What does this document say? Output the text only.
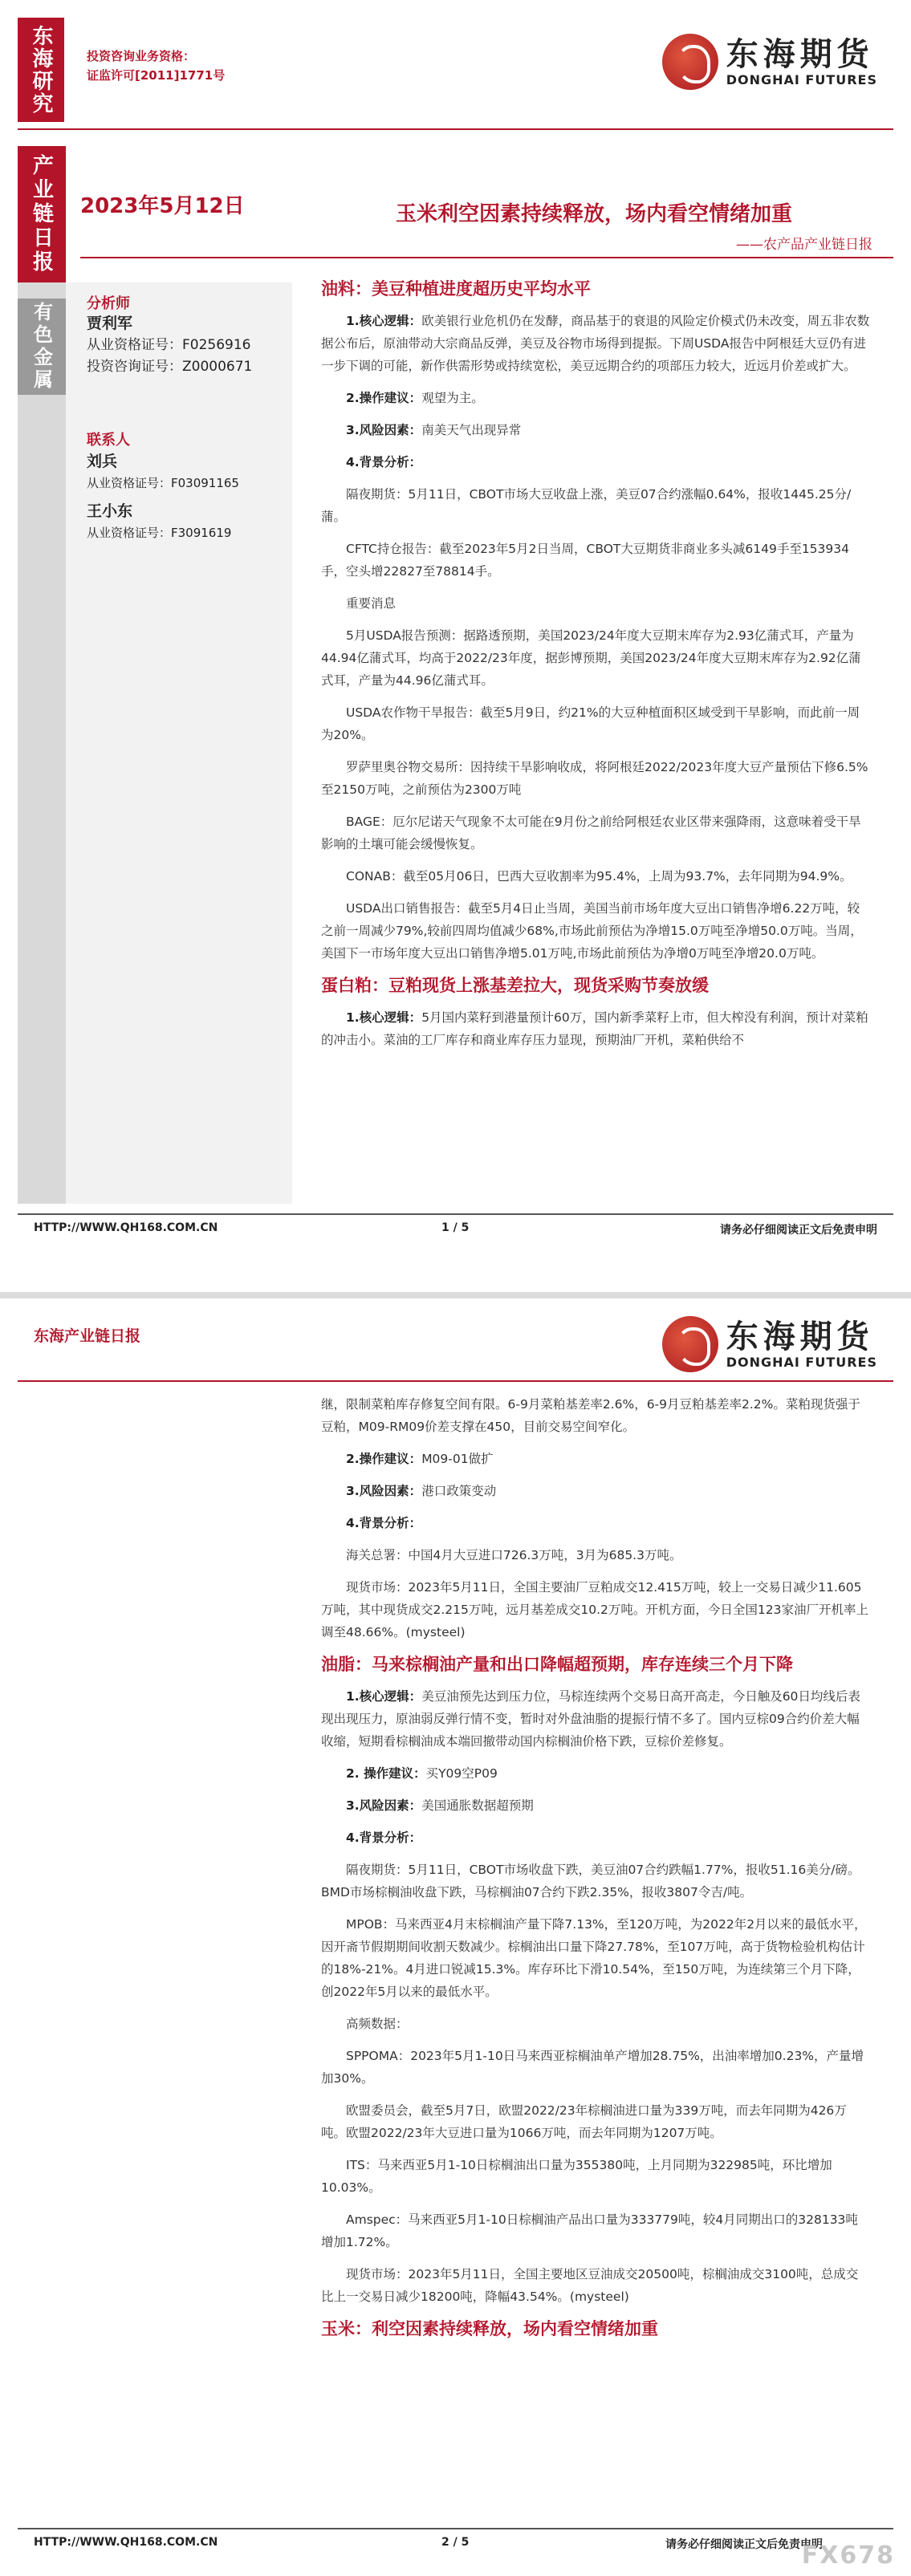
东海研究	投资咨询业务资格：
证监许可[2011]1771号
东海期货
DONGHAI FUTURES
产业链日报
有色金属
2023年5月12日	玉米利空因素持续释放，场内看空情绪加重
——农产品产业链日报
分析师
贾利军
从业资格证号：F0256916
投资咨询证号：Z0000671
联系人
刘兵
从业资格证号：F03091165
王小东
从业资格证号：F3091619
油料：美豆种植进度超历史平均水平

1.核心逻辑：欧美银行业危机仍在发酵，商品基于的衰退的风险定价模式仍未改变，周五非农数据公布后，原油带动大宗商品反弹，美豆及谷物市场得到提振。下周USDA报告中阿根廷大豆仍有进一步下调的可能，新作供需形势或持续宽松，美豆远期合约的项部压力较大，近远月价差或扩大。

2.操作建议：观望为主。

3.风险因素：南美天气出现异常

4.背景分析：

隔夜期货：5月11日，CBOT市场大豆收盘上涨，美豆07合约涨幅0.64%，报收1445.25分/蒲。

CFTC持仓报告：截至2023年5月2日当周，CBOT大豆期货非商业多头减6149手至153934手，空头增22827至78814手。

重要消息

5月USDA报告预测：据路透预期，美国2023/24年度大豆期末库存为2.93亿蒲式耳，产量为44.94亿蒲式耳，均高于2022/23年度，据彭博预期，美国2023/24年度大豆期末库存为2.92亿蒲式耳，产量为44.96亿蒲式耳。

USDA农作物干旱报告：截至5月9日，约21%的大豆种植面积区域受到干旱影响，而此前一周为20%。

罗萨里奥谷物交易所：因持续干旱影响收成，将阿根廷2022/2023年度大豆产量预估下修6.5%至2150万吨，之前预估为2300万吨

BAGE：厄尔尼诺天气现象不太可能在9月份之前给阿根廷农业区带来强降雨，这意味着受干旱影响的土壤可能会缓慢恢复。

CONAB：截至05月06日，巴西大豆收割率为95.4%，上周为93.7%，去年同期为94.9%。

USDA出口销售报告：截至5月4日止当周，美国当前市场年度大豆出口销售净增6.22万吨，较之前一周减少79%,较前四周均值减少68%,市场此前预估为净增15.0万吨至净增50.0万吨。当周，美国下一市场年度大豆出口销售净增5.01万吨,市场此前预估为净增0万吨至净增20.0万吨。

蛋白粕：豆粕现货上涨基差拉大，现货采购节奏放缓

1.核心逻辑：5月国内菜籽到港量预计60万，国内新季菜籽上市，但大榨没有利润，预计对菜粕的冲击小。菜油的工厂库存和商业库存压力显现，预期油厂开机，菜粕供给不

HTTP://WWW.QH168.COM.CN	1 / 5	请务必仔细阅读正文后免责申明
东海产业链日报	东海期货
DONGHAI FUTURES

继，限制菜粕库存修复空间有限。6-9月菜粕基差率2.6%，6-9月豆粕基差率2.2%。菜粕现货强于豆粕，M09-RM09价差支撑在450，目前交易空间窄化。

2.操作建议：M09-01做扩

3.风险因素：港口政策变动

4.背景分析：

海关总署：中国4月大豆进口726.3万吨，3月为685.3万吨。

现货市场：2023年5月11日，全国主要油厂豆粕成交12.415万吨，较上一交易日减少11.605万吨，其中现货成交2.215万吨，远月基差成交10.2万吨。开机方面，今日全国123家油厂开机率上调至48.66%。(mysteel)

油脂：马来棕榈油产量和出口降幅超预期，库存连续三个月下降

1.核心逻辑：美豆油预先达到压力位，马棕连续两个交易日高开高走，今日触及60日均线后表现出现压力，原油弱反弹行情不变，暂时对外盘油脂的提振行情不多了。国内豆棕09合约价差大幅收缩，短期看棕榈油成本端回撤带动国内棕榈油价格下跌，豆棕价差修复。

2. 操作建议：买Y09空P09

3.风险因素：美国通胀数据超预期

4.背景分析：

隔夜期货：5月11日，CBOT市场收盘下跌，美豆油07合约跌幅1.77%，报收51.16美分/磅。BMD市场棕榈油收盘下跌，马棕榈油07合约下跌2.35%，报收3807令吉/吨。

MPOB：马来西亚4月末棕榈油产量下降7.13%，至120万吨，为2022年2月以来的最低水平，因开斋节假期期间收割天数减少。棕榈油出口量下降27.78%，至107万吨，高于货物检验机构估计的18%-21%。4月进口锐减15.3%。库存环比下滑10.54%，至150万吨，为连续第三个月下降，创2022年5月以来的最低水平。

高频数据：

SPPOMA：2023年5月1-10日马来西亚棕榈油单产增加28.75%，出油率增加0.23%，产量增加30%。

欧盟委员会，截至5月7日，欧盟2022/23年棕榈油进口量为339万吨，而去年同期为426万吨。欧盟2022/23年大豆进口量为1066万吨，而去年同期为1207万吨。

ITS：马来西亚5月1-10日棕榈油出口量为355380吨，上月同期为322985吨，环比增加10.03%。

Amspec：马来西亚5月1-10日棕榈油产品出口量为333779吨，较4月同期出口的328133吨增加1.72%。

现货市场：2023年5月11日，全国主要地区豆油成交20500吨，棕榈油成交3100吨，总成交比上一交易日减少18200吨，降幅43.54%。(mysteel)

玉米：利空因素持续释放，场内看空情绪加重
HTTP://WWW.QH168.COM.CN	2 / 5	请务必仔细阅读正文后免责申明
FX678
